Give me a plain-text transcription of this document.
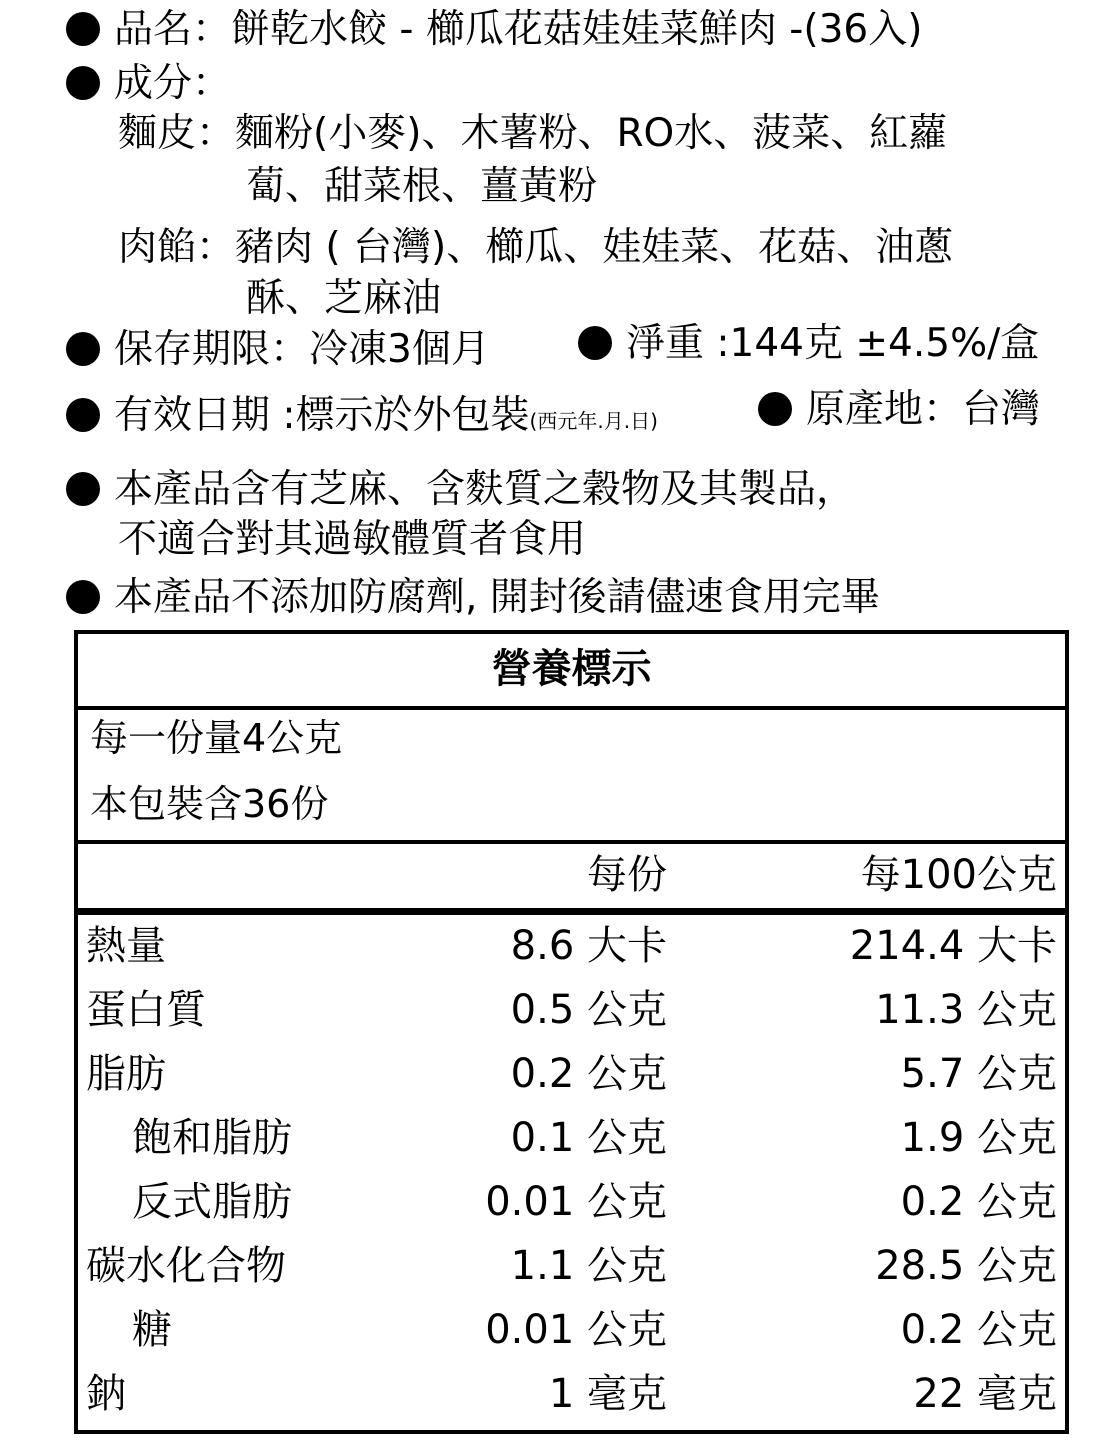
品名：餅乾水餃 - 櫛瓜花菇娃娃菜鮮肉 -(36入)
成分：
麵皮：麵粉(小麥)、木薯粉、RO水、菠菜、紅蘿
蔔、甜菜根、薑黃粉
肉餡：豬肉 ( 台灣)、櫛瓜、娃娃菜、花菇、油蔥
酥、芝麻油
保存期限：冷凍3個月	淨重 :144克 ±4.5%/盒
有效日期 :標示於外包裝(西元年.月.日)	原產地：台灣
本產品含有芝麻、含麩質之穀物及其製品，
不適合對其過敏體質者食用
本產品不添加防腐劑, 開封後請儘速食用完畢
營養標示
每一份量4公克
本包裝含36份
每份	每100公克
熱量	8.6 大卡	214.4 大卡
蛋白質	0.5 公克	11.3 公克
脂肪	0.2 公克	5.7 公克
飽和脂肪	0.1 公克	1.9 公克
反式脂肪	0.01 公克	0.2 公克
碳水化合物	1.1 公克	28.5 公克
糖	0.01 公克	0.2 公克
鈉	1 毫克	22 毫克
